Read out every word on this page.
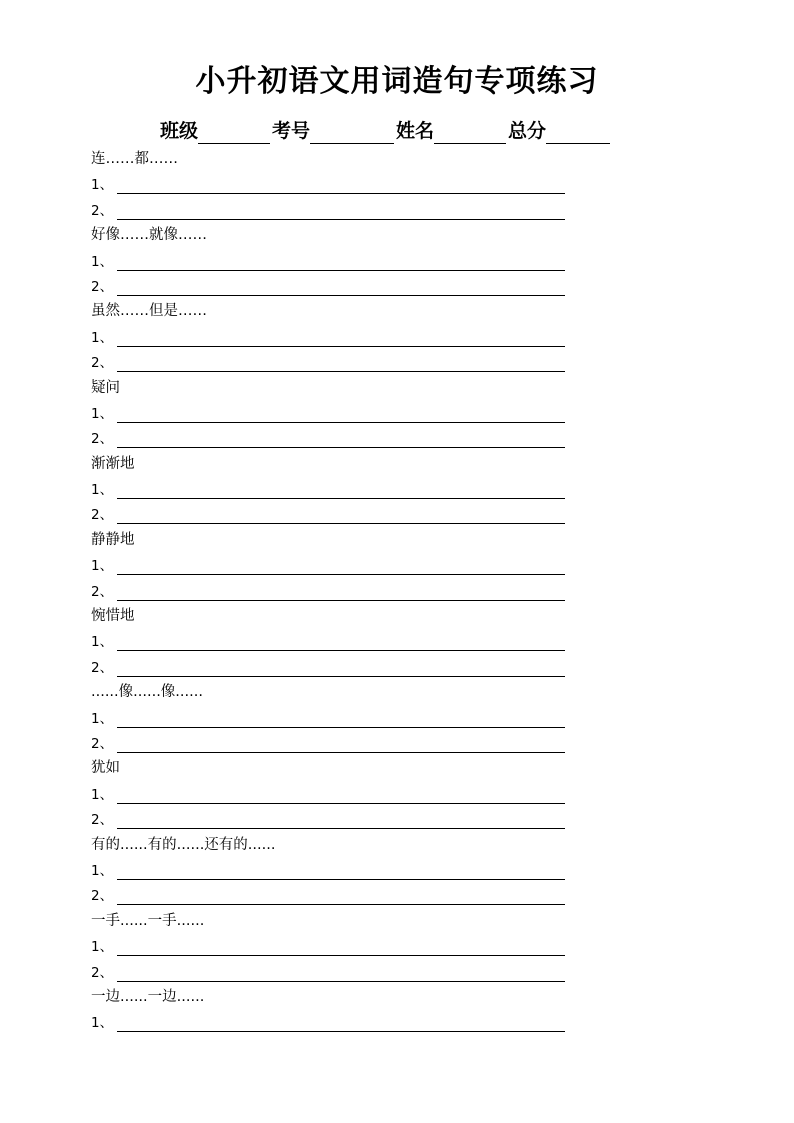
小升初语文用词造句专项练习
班级	考号	姓名	总分
连……都……
1、
2、
好像……就像……
1、
2、
虽然……但是……
1、
2、
疑问
1、
2、
渐渐地
1、
2、
静静地
1、
2、
惋惜地
1、
2、
......像......像......
1、
2、
犹如
1、
2、
有的......有的......还有的......
1、
2、
一手......一手......
1、
2、
一边......一边......
1、
